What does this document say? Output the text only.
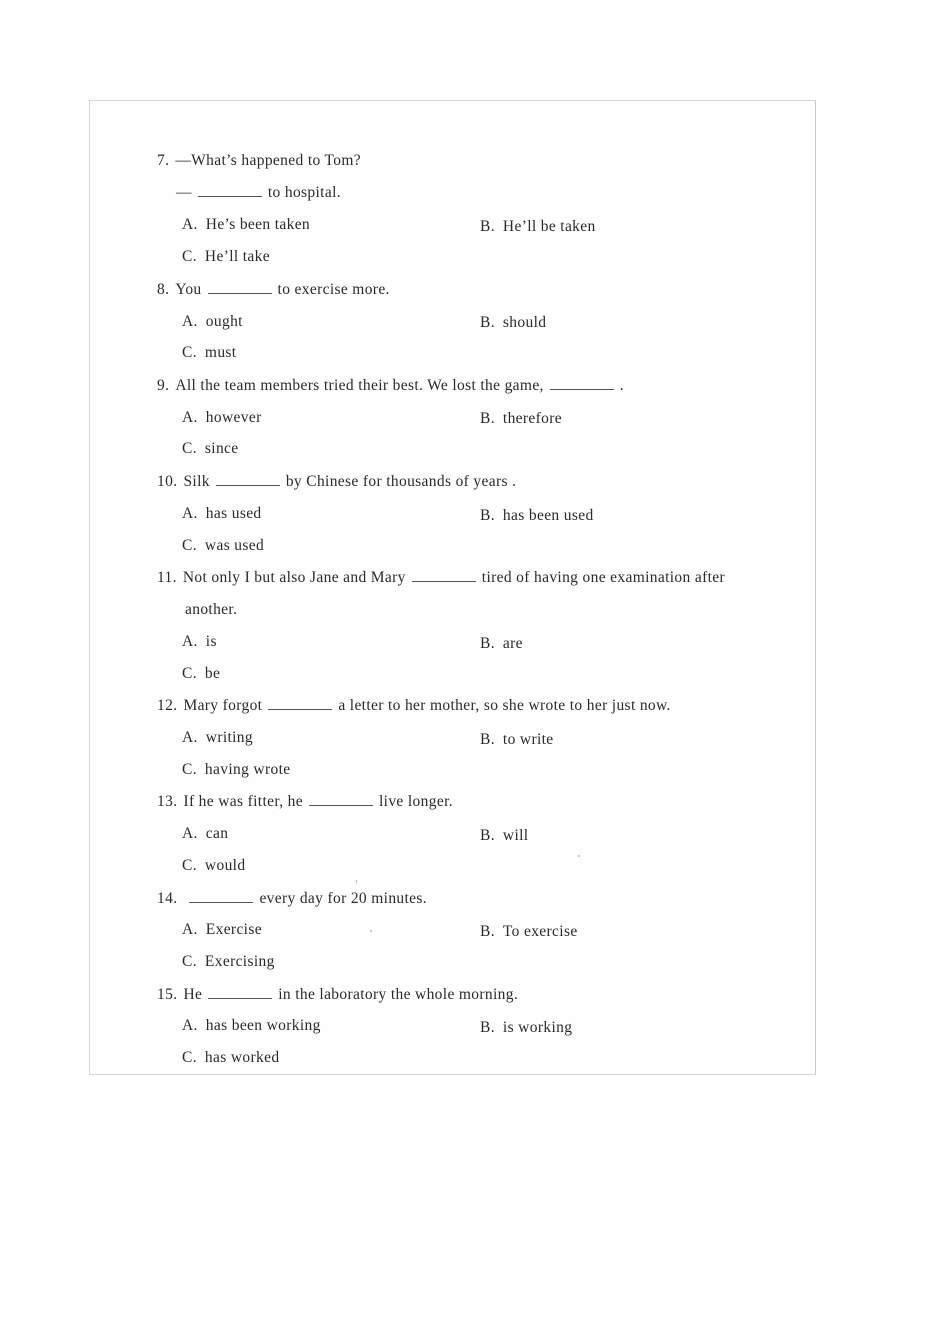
7. —What’s happened to Tom?
—	to hospital.
A. He’s been taken	B. He’ll be taken
C. He’ll take
8. You	to exercise more.
A. ought	B. should
C. must
9. All the team members tried their best. We lost the game,	.
A. however	B. therefore
C. since
10. Silk	by Chinese for thousands of years .
A. has used	B. has been used
C. was used
11. Not only I but also Jane and Mary	tired of having one examination after
another.
A. is	B. are
C. be
12. Mary forgot	a letter to her mother, so she wrote to her just now.
A. writing	B. to write
C. having wrote
13. If he was fitter, he	live longer.
A. can	B. will
C. would
14.	every day for 20 minutes.
A. Exercise	B. To exercise
C. Exercising
15. He	in the laboratory the whole morning.
A. has been working	B. is working
C. has worked
